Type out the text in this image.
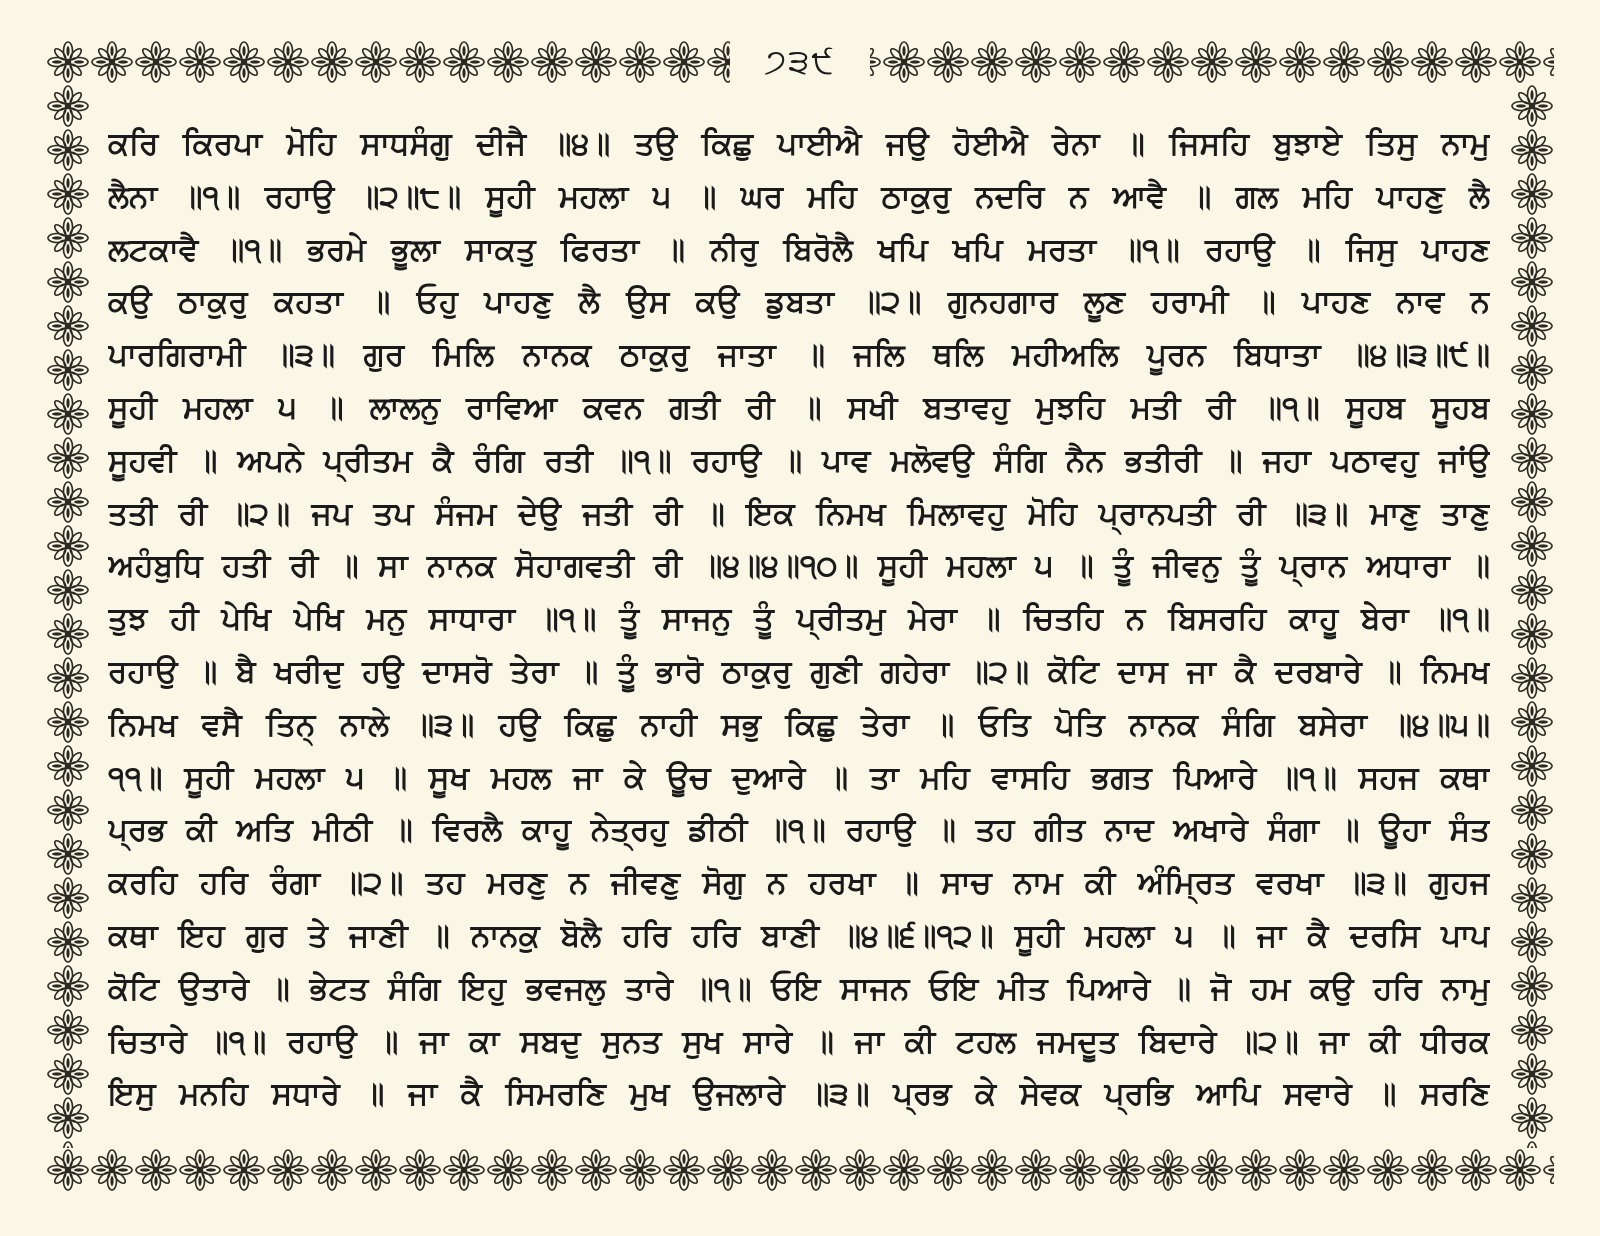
੭੩੯
ਕਰਿ ਕਿਰਪਾ ਮੋਹਿ ਸਾਧਸੰਗੁ ਦੀਜੈ ॥੪॥ ਤਉ ਕਿਛੁ ਪਾਈਐ ਜਉ ਹੋਈਐ ਰੇਨਾ ॥ ਜਿਸਹਿ ਬੁਝਾਏ ਤਿਸੁ ਨਾਮੁ
ਲੈਨਾ ॥੧॥ ਰਹਾਉ ॥੨॥੮॥ ਸੂਹੀ ਮਹਲਾ ੫ ॥ ਘਰ ਮਹਿ ਠਾਕੁਰੁ ਨਦਰਿ ਨ ਆਵੈ ॥ ਗਲ ਮਹਿ ਪਾਹਣੁ ਲੈ
ਲਟਕਾਵੈ ॥੧॥ ਭਰਮੇ ਭੂਲਾ ਸਾਕਤੁ ਫਿਰਤਾ ॥ ਨੀਰੁ ਬਿਰੋਲੈ ਖਪਿ ਖਪਿ ਮਰਤਾ ॥੧॥ ਰਹਾਉ ॥ ਜਿਸੁ ਪਾਹਣ
ਕਉ ਠਾਕੁਰੁ ਕਹਤਾ ॥ ਓਹੁ ਪਾਹਣੁ ਲੈ ਉਸ ਕਉ ਡੁਬਤਾ ॥੨॥ ਗੁਨਹਗਾਰ ਲੂਣ ਹਰਾਮੀ ॥ ਪਾਹਣ ਨਾਵ ਨ
ਪਾਰਗਿਰਾਮੀ ॥੩॥ ਗੁਰ ਮਿਲਿ ਨਾਨਕ ਠਾਕੁਰੁ ਜਾਤਾ ॥ ਜਲਿ ਥਲਿ ਮਹੀਅਲਿ ਪੂਰਨ ਬਿਧਾਤਾ ॥੪॥੩॥੯॥
ਸੂਹੀ ਮਹਲਾ ੫ ॥ ਲਾਲਨੁ ਰਾਵਿਆ ਕਵਨ ਗਤੀ ਰੀ ॥ ਸਖੀ ਬਤਾਵਹੁ ਮੁਝਹਿ ਮਤੀ ਰੀ ॥੧॥ ਸੂਹਬ ਸੂਹਬ
ਸੂਹਵੀ ॥ ਅਪਨੇ ਪ੍ਰੀਤਮ ਕੈ ਰੰਗਿ ਰਤੀ ॥੧॥ ਰਹਾਉ ॥ ਪਾਵ ਮਲੋਵਉ ਸੰਗਿ ਨੈਨ ਭਤੀਰੀ ॥ ਜਹਾ ਪਠਾਵਹੁ ਜਾਂਉ
ਤਤੀ ਰੀ ॥੨॥ ਜਪ ਤਪ ਸੰਜਮ ਦੇਉ ਜਤੀ ਰੀ ॥ ਇਕ ਨਿਮਖ ਮਿਲਾਵਹੁ ਮੋਹਿ ਪ੍ਰਾਨਪਤੀ ਰੀ ॥੩॥ ਮਾਣੁ ਤਾਣੁ
ਅਹੰਬੁਧਿ ਹਤੀ ਰੀ ॥ ਸਾ ਨਾਨਕ ਸੋਹਾਗਵਤੀ ਰੀ ॥੪॥੪॥੧੦॥ ਸੂਹੀ ਮਹਲਾ ੫ ॥ ਤੂੰ ਜੀਵਨੁ ਤੂੰ ਪ੍ਰਾਨ ਅਧਾਰਾ ॥
ਤੁਝ ਹੀ ਪੇਖਿ ਪੇਖਿ ਮਨੁ ਸਾਧਾਰਾ ॥੧॥ ਤੂੰ ਸਾਜਨੁ ਤੂੰ ਪ੍ਰੀਤਮੁ ਮੇਰਾ ॥ ਚਿਤਹਿ ਨ ਬਿਸਰਹਿ ਕਾਹੂ ਬੇਰਾ ॥੧॥
ਰਹਾਉ ॥ ਬੈ ਖਰੀਦੁ ਹਉ ਦਾਸਰੋ ਤੇਰਾ ॥ ਤੂੰ ਭਾਰੋ ਠਾਕੁਰੁ ਗੁਣੀ ਗਹੇਰਾ ॥੨॥ ਕੋਟਿ ਦਾਸ ਜਾ ਕੈ ਦਰਬਾਰੇ ॥ ਨਿਮਖ
ਨਿਮਖ ਵਸੈ ਤਿਨ੍ ਨਾਲੇ ॥੩॥ ਹਉ ਕਿਛੁ ਨਾਹੀ ਸਭੁ ਕਿਛੁ ਤੇਰਾ ॥ ਓਤਿ ਪੋਤਿ ਨਾਨਕ ਸੰਗਿ ਬਸੇਰਾ ॥੪॥੫॥
੧੧॥ ਸੂਹੀ ਮਹਲਾ ੫ ॥ ਸੂਖ ਮਹਲ ਜਾ ਕੇ ਊਚ ਦੁਆਰੇ ॥ ਤਾ ਮਹਿ ਵਾਸਹਿ ਭਗਤ ਪਿਆਰੇ ॥੧॥ ਸਹਜ ਕਥਾ
ਪ੍ਰਭ ਕੀ ਅਤਿ ਮੀਠੀ ॥ ਵਿਰਲੈ ਕਾਹੂ ਨੇਤ੍ਰਹੁ ਡੀਠੀ ॥੧॥ ਰਹਾਉ ॥ ਤਹ ਗੀਤ ਨਾਦ ਅਖਾਰੇ ਸੰਗਾ ॥ ਊਹਾ ਸੰਤ
ਕਰਹਿ ਹਰਿ ਰੰਗਾ ॥੨॥ ਤਹ ਮਰਣੁ ਨ ਜੀਵਣੁ ਸੋਗੁ ਨ ਹਰਖਾ ॥ ਸਾਚ ਨਾਮ ਕੀ ਅੰਮ੍ਰਿਤ ਵਰਖਾ ॥੩॥ ਗੁਹਜ
ਕਥਾ ਇਹ ਗੁਰ ਤੇ ਜਾਣੀ ॥ ਨਾਨਕੁ ਬੋਲੈ ਹਰਿ ਹਰਿ ਬਾਣੀ ॥੪॥੬॥੧੨॥ ਸੂਹੀ ਮਹਲਾ ੫ ॥ ਜਾ ਕੈ ਦਰਸਿ ਪਾਪ
ਕੋਟਿ ਉਤਾਰੇ ॥ ਭੇਟਤ ਸੰਗਿ ਇਹੁ ਭਵਜਲੁ ਤਾਰੇ ॥੧॥ ਓਇ ਸਾਜਨ ਓਇ ਮੀਤ ਪਿਆਰੇ ॥ ਜੋ ਹਮ ਕਉ ਹਰਿ ਨਾਮੁ
ਚਿਤਾਰੇ ॥੧॥ ਰਹਾਉ ॥ ਜਾ ਕਾ ਸਬਦੁ ਸੁਨਤ ਸੁਖ ਸਾਰੇ ॥ ਜਾ ਕੀ ਟਹਲ ਜਮਦੂਤ ਬਿਦਾਰੇ ॥੨॥ ਜਾ ਕੀ ਧੀਰਕ
ਇਸੁ ਮਨਹਿ ਸਧਾਰੇ ॥ ਜਾ ਕੈ ਸਿਮਰਣਿ ਮੁਖ ਉਜਲਾਰੇ ॥੩॥ ਪ੍ਰਭ ਕੇ ਸੇਵਕ ਪ੍ਰਭਿ ਆਪਿ ਸਵਾਰੇ ॥ ਸਰਣਿ
